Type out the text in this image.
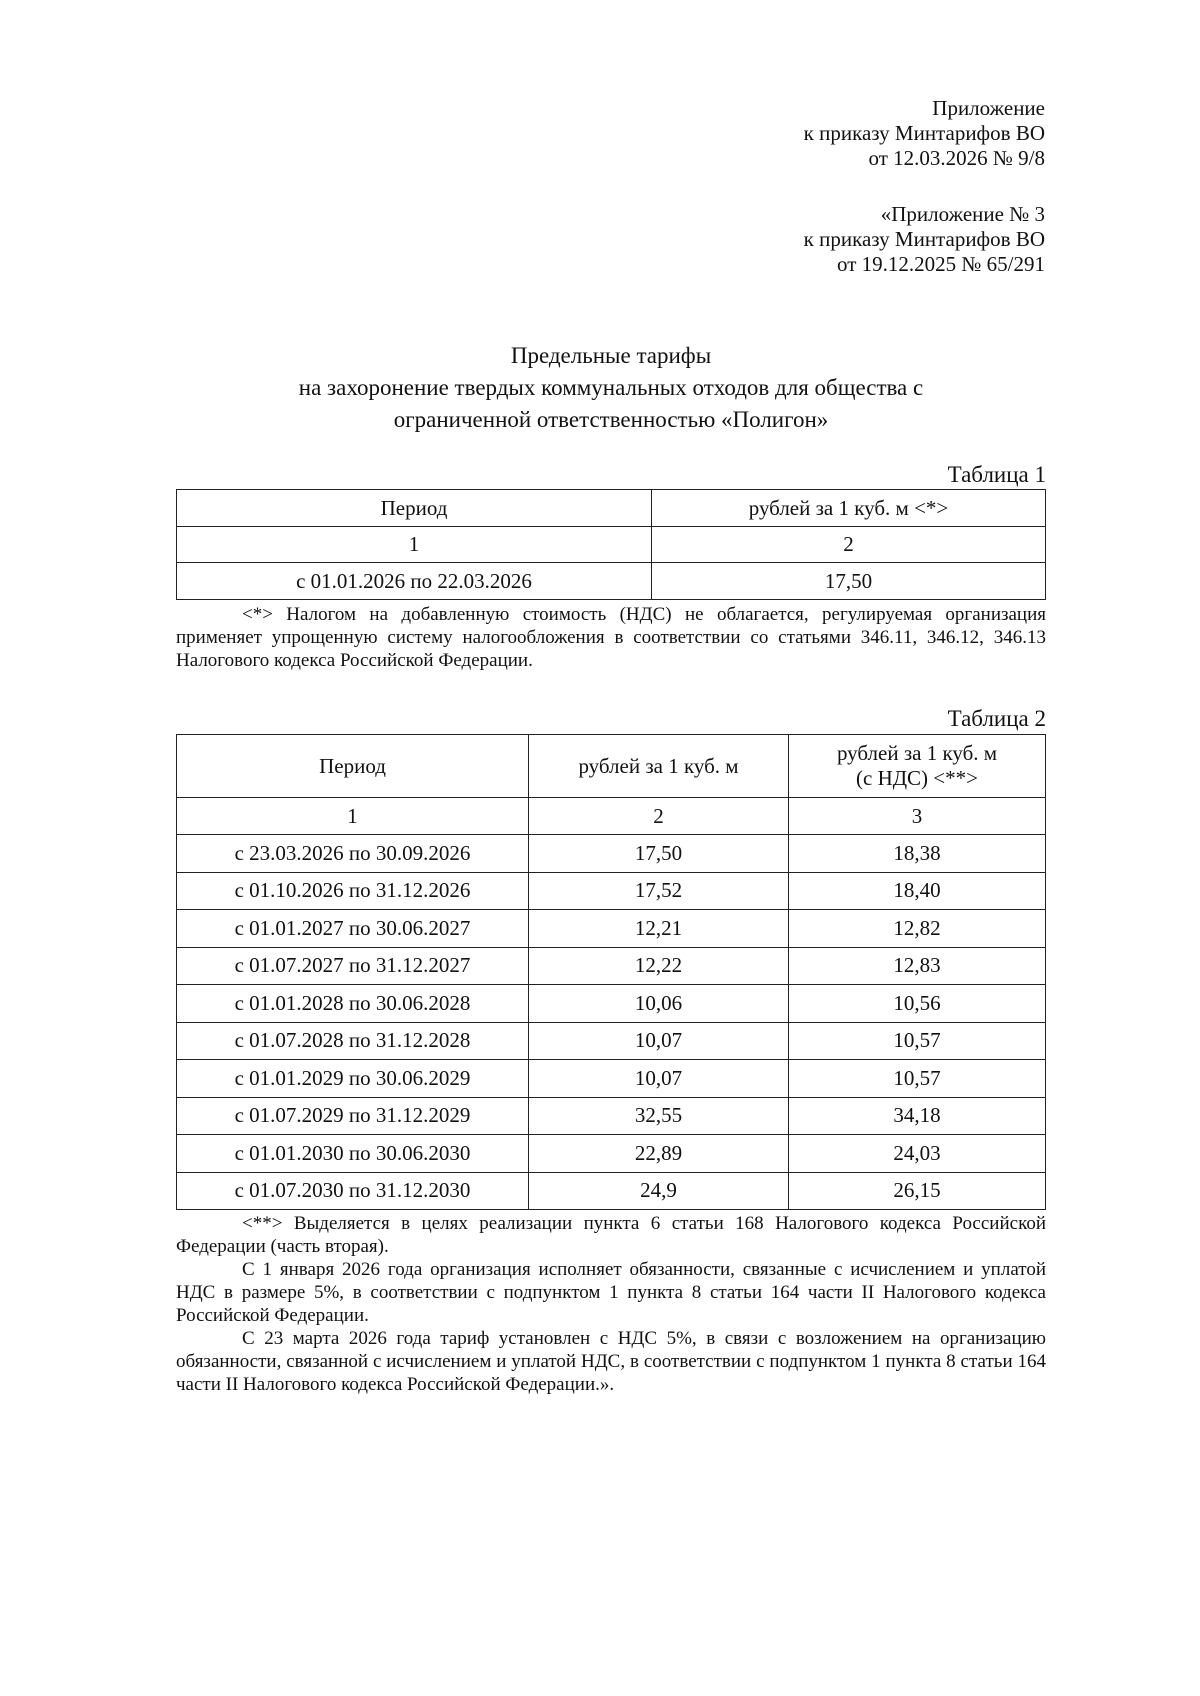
Приложение
к приказу Минтарифов ВО
от 12.03.2026 № 9/8
«Приложение № 3
к приказу Минтарифов ВО
от 19.12.2025 № 65/291
Предельные тарифы
на захоронение твердых коммунальных отходов для общества с
ограниченной ответственностью «Полигон»
Таблица 1
Период	рублей за 1 куб. м <*>
1	2
с 01.01.2026 по 22.03.2026	17,50

<*> Налогом на добавленную стоимость (НДС) не облагается, регулируемая организация применяет упрощенную систему налогообложения в соответствии со статьями 346.11, 346.12, 346.13 Налогового кодекса Российской Федерации.

Таблица 2
Период	рублей за 1 куб. м	рублей за 1 куб. м
(с НДС) <**>

1	2	3
с 23.03.2026 по 30.09.2026	17,50	18,38
с 01.10.2026 по 31.12.2026	17,52	18,40
с 01.01.2027 по 30.06.2027	12,21	12,82
с 01.07.2027 по 31.12.2027	12,22	12,83
с 01.01.2028 по 30.06.2028	10,06	10,56
с 01.07.2028 по 31.12.2028	10,07	10,57
с 01.01.2029 по 30.06.2029	10,07	10,57
с 01.07.2029 по 31.12.2029	32,55	34,18
с 01.01.2030 по 30.06.2030	22,89	24,03
с 01.07.2030 по 31.12.2030	24,9	26,15

<**> Выделяется в целях реализации пункта 6 статьи 168 Налогового кодекса Российской Федерации (часть вторая).

С 1 января 2026 года организация исполняет обязанности, связанные с исчислением и уплатой НДС в размере 5%, в соответствии с подпунктом 1 пункта 8 статьи 164 части II Налогового кодекса Российской Федерации.

С 23 марта 2026 года тариф установлен с НДС 5%, в связи с возложением на организацию обязанности, связанной с исчислением и уплатой НДС, в соответствии с подпунктом 1 пункта 8 статьи 164 части II Налогового кодекса Российской Федерации.».
